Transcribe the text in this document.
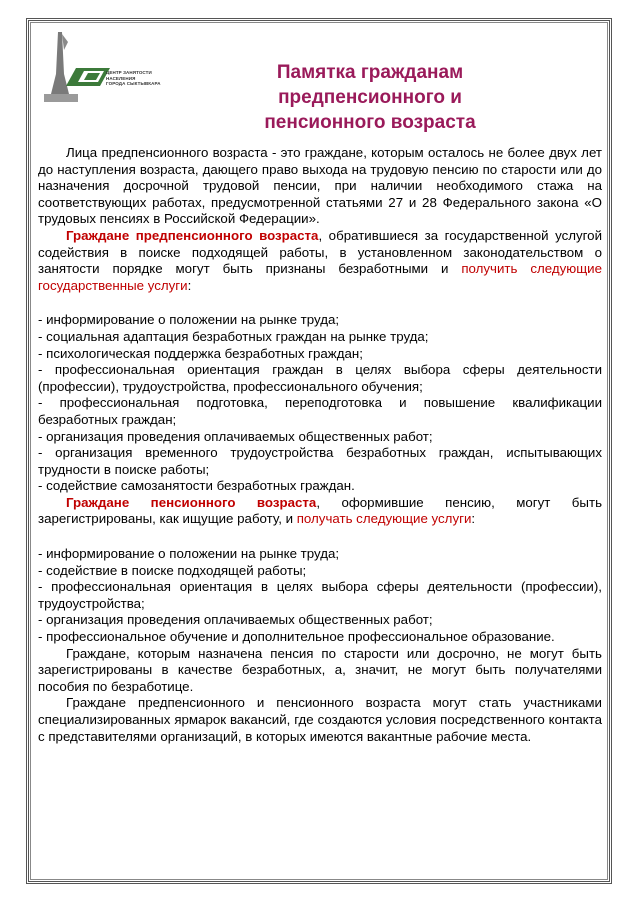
ЦЕНТР ЗАНЯТОСТИ
НАСЕЛЕНИЯ
ГОРОДА СЫКТЫВКАРА
Памятка гражданам
предпенсионного и
пенсионного возраста

Лица предпенсионного возраста - это граждане, которым осталось не более двух лет до наступления возраста, дающего право выхода на трудовую пенсию по старости или до назначения досрочной трудовой пенсии, при наличии необходимого стажа на соответствующих работах, предусмотренной статьями 27 и 28 Федерального закона «О трудовых пенсиях в Российской Федерации».

Граждане предпенсионного возраста, обратившиеся за государственной услугой содействия в поиске подходящей работы, в установленном законодательством о занятости порядке могут быть признаны безработными и получить следующие государственные услуги:

- информирование о положении на рынке труда;

- социальная адаптация безработных граждан на рынке труда;

- психологическая поддержка безработных граждан;

- профессиональная ориентация граждан в целях выбора сферы деятельности (профессии), трудоустройства, профессионального обучения;

- профессиональная подготовка, переподготовка и повышение квалификации безработных граждан;

- организация проведения оплачиваемых общественных работ;

- организация временного трудоустройства безработных граждан, испытывающих трудности в поиске работы;

- содействие самозанятости безработных граждан.

Граждане пенсионного возраста, оформившие пенсию, могут быть зарегистрированы, как ищущие работу, и получать следующие услуги:

- информирование о положении на рынке труда;

- содействие в поиске подходящей работы;

- профессиональная ориентация в целях выбора сферы деятельности (профессии), трудоустройства;

- организация проведения оплачиваемых общественных работ;

- профессиональное обучение и дополнительное профессиональное образование.

Граждане, которым назначена пенсия по старости или досрочно, не могут быть зарегистрированы в качестве безработных, а, значит, не могут быть получателями пособия по безработице.

Граждане предпенсионного и пенсионного возраста могут стать участниками специализированных ярмарок вакансий, где создаются условия посредственного контакта с представителями организаций, в которых имеются вакантные рабочие места.
